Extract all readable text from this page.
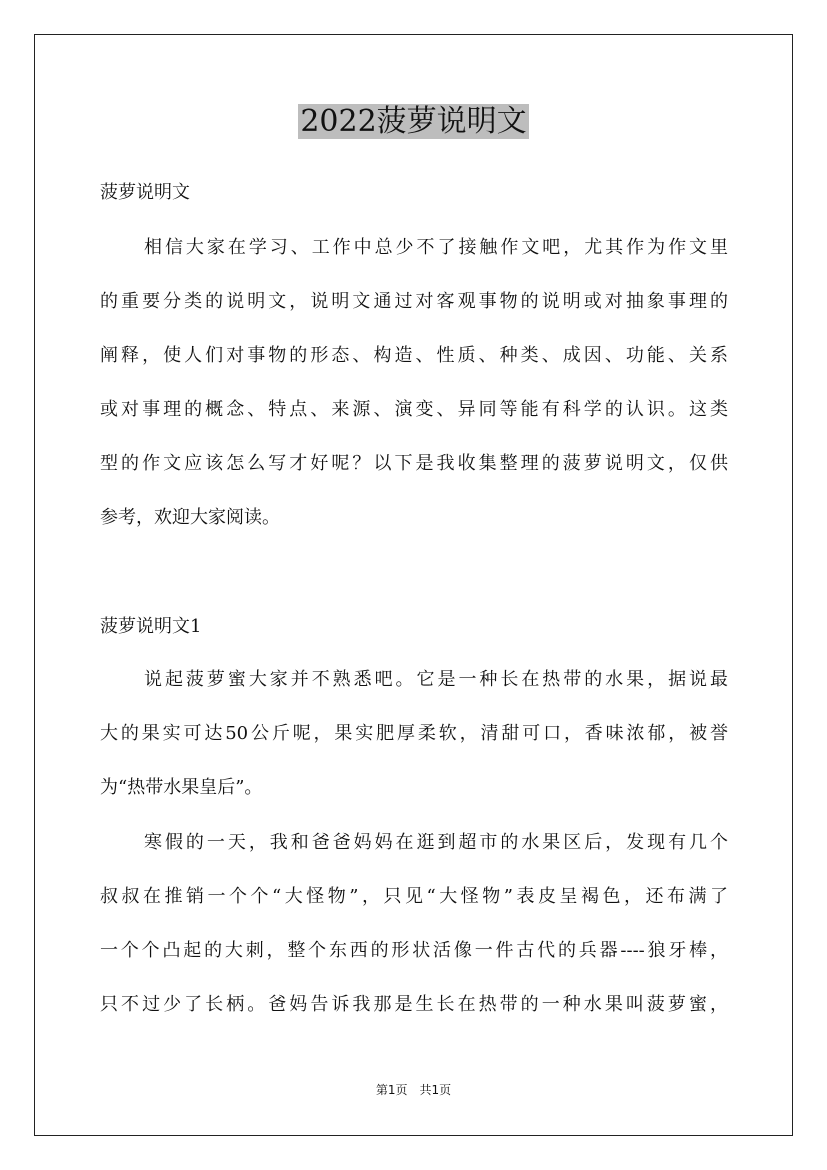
2022菠萝说明文
菠萝说明文
相信大家在学习、工作中总少不了接触作文吧，尤其作为作文里
的重要分类的说明文，说明文通过对客观事物的说明或对抽象事理的
阐释，使人们对事物的形态、构造、性质、种类、成因、功能、关系
或对事理的概念、特点、来源、演变、异同等能有科学的认识。这类
型的作文应该怎么写才好呢？以下是我收集整理的菠萝说明文，仅供
参考，欢迎大家阅读。
菠萝说明文1
说起菠萝蜜大家并不熟悉吧。它是一种长在热带的水果，据说最
大的果实可达50公斤呢，果实肥厚柔软，清甜可口，香味浓郁，被誉
为“热带水果皇后”。
寒假的一天，我和爸爸妈妈在逛到超市的水果区后，发现有几个
叔叔在推销一个个“大怪物”，只见“大怪物”表皮呈褐色，还布满了
一个个凸起的大刺，整个东西的形状活像一件古代的兵器----狼牙棒，
只不过少了长柄。爸妈告诉我那是生长在热带的一种水果叫菠萝蜜，
第1页　共1页
